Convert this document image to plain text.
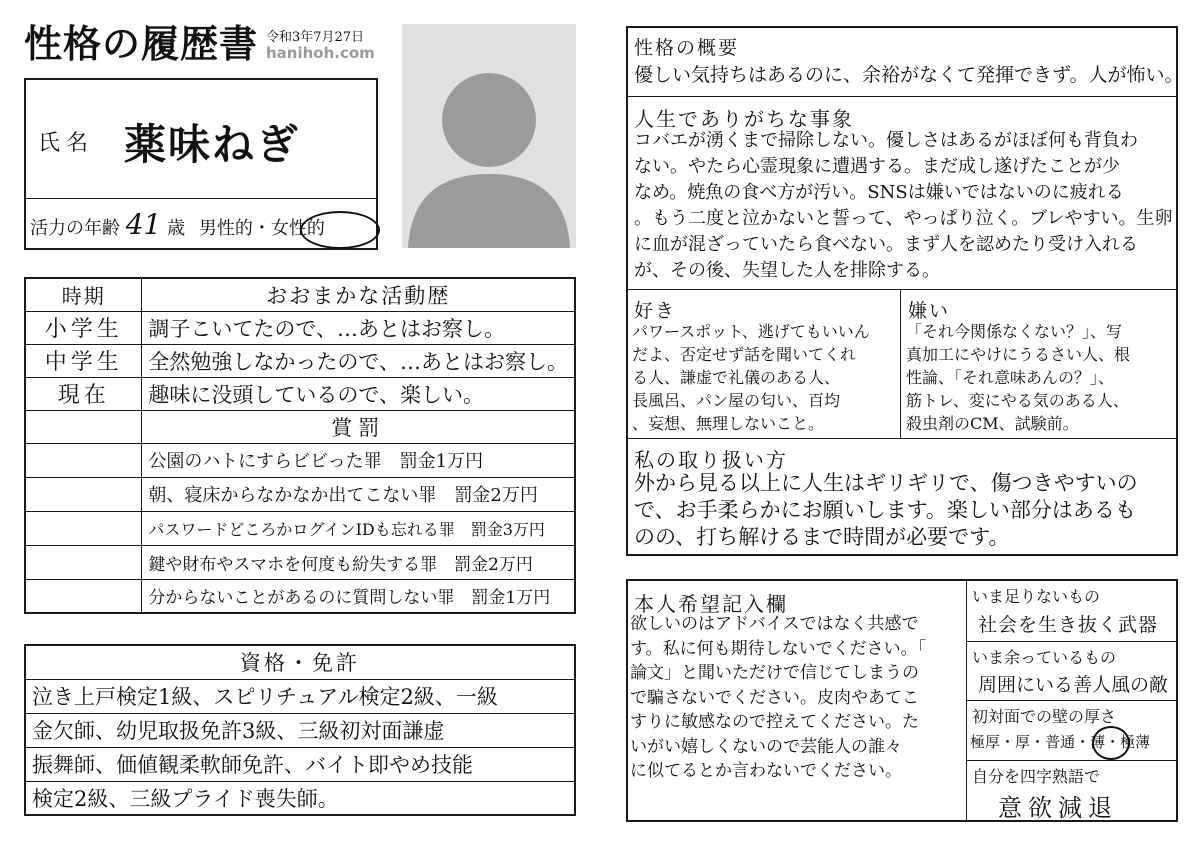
性格の履歴書 令和3年7月27日
hanihoh.com
氏名 薬味ねぎ
活力の年齢 41 歳 男性的・女性的
時期	おおまかな活動歴
小学生	調子こいてたので、…あとはお察し。
中学生	全然勉強しなかったので、…あとはお察し。
現在	趣味に没頭しているので、楽しい。
	賞罰
	公園のハトにすらビビった罪　罰金1万円
	朝、寝床からなかなか出てこない罪　罰金2万円
	パスワードどころかログインIDも忘れる罪　罰金3万円
	鍵や財布やスマホを何度も紛失する罪　罰金2万円
	分からないことがあるのに質問しない罪　罰金1万円
資格・免許
泣き上戸検定1級、スピリチュアル検定2級、一級
金欠師、幼児取扱免許3級、三級初対面謙虚
振舞師、価値観柔軟師免許、バイト即やめ技能
検定2級、三級プライド喪失師。
性格の概要
優しい気持ちはあるのに、余裕がなくて発揮できず。人が怖い。
人生でありがちな事象
コバエが湧くまで掃除しない。優しさはあるがほぼ何も背負わ
ない。やたら心霊現象に遭遇する。まだ成し遂げたことが少
なめ。焼魚の食べ方が汚い。SNSは嫌いではないのに疲れる
。もう二度と泣かないと誓って、やっぱり泣く。ブレやすい。生卵
に血が混ざっていたら食べない。まず人を認めたり受け入れる
が、その後、失望した人を排除する。
好き
パワースポット、逃げてもいいん
だよ、否定せず話を聞いてくれ
る人、謙虚で礼儀のある人、
長風呂、パン屋の匂い、百均
、妄想、無理しないこと。
嫌い
「それ今関係なくない？」、写
真加工にやけにうるさい人、根
性論、「それ意味あんの？」、
筋トレ、変にやる気のある人、
殺虫剤のCM、試験前。
私の取り扱い方
外から見る以上に人生はギリギリで、傷つきやすいの
で、お手柔らかにお願いします。楽しい部分はあるも
のの、打ち解けるまで時間が必要です。
本人希望記入欄
欲しいのはアドバイスではなく共感で
す。私に何も期待しないでください。「
論文」と聞いただけで信じてしまうの
で騙さないでください。皮肉やあてこ
すりに敏感なので控えてください。た
いがい嬉しくないので芸能人の誰々
に似てるとか言わないでください。
いま足りないもの
社会を生き抜く武器
いま余っているもの
周囲にいる善人風の敵
初対面での壁の厚さ
極厚・厚・普通・薄・極薄
自分を四字熟語で
意欲減退
